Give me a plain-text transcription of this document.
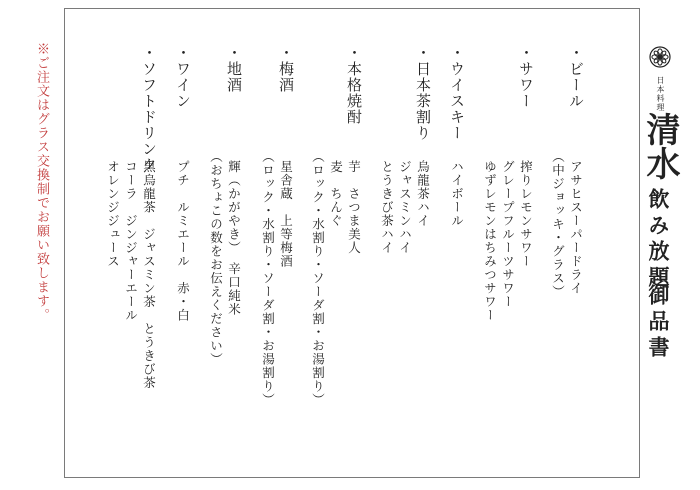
日本料理
清水
飲み放題
御品書
・ビール
・サワー
・ウイスキー
・日本茶割り
・本格焼酎
・梅酒
・地酒
・ワイン
・ソフトドリンク
アサヒスーパードライ
（中ジョッキ・グラス）
搾りレモンサワー
グレープフルーツサワー
ゆずレモンはちみつサワー
ハイボール
烏龍茶ハイ
ジャスミンハイ
とうきび茶ハイ
芋　さつま美人
麦　ちんぐ
（ロック・水割り・ソーダ割・お湯割り）
星舎蔵　上等梅酒
（ロック・水割り・ソーダ割・お湯割り）
輝（かがやき）　辛口純米
（おちょこの数をお伝えください）
プチ　ルミエール　赤・白
黒烏龍茶　ジャスミン茶　とうきび茶
コーラ　ジンジャーエール
オレンジジュース
※ご注文はグラス交換制でお願い致します。
